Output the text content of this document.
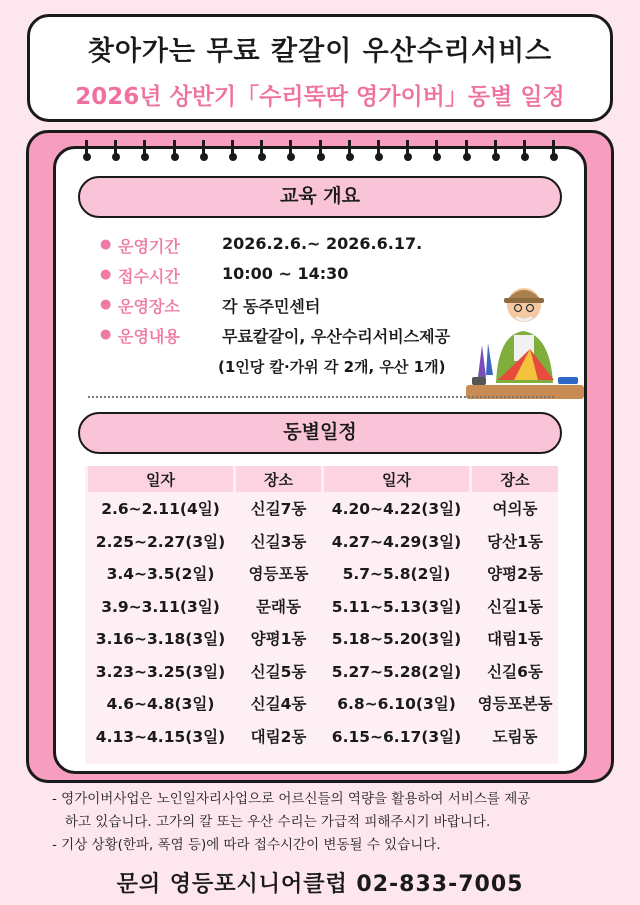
찾아가는 무료 칼갈이 우산수리서비스
2026년 상반기「수리뚝딱 영가이버」동별 일정
교육 개요
● 운영기간	2026.2.6.~ 2026.6.17.
● 접수시간	10:00 ~ 14:30
● 운영장소	각 동주민센터
● 운영내용	무료칼갈이, 우산수리서비스제공
(1인당 칼·가위 각 2개, 우산 1개)
동별일정
일자	장소	일자	장소
2.6~2.11(4일)	신길7동	4.20~4.22(3일)	여의동
2.25~2.27(3일)	신길3동	4.27~4.29(3일)	당산1동
3.4~3.5(2일)	영등포동	5.7~5.8(2일)	양평2동
3.9~3.11(3일)	문래동	5.11~5.13(3일)	신길1동
3.16~3.18(3일)	양평1동	5.18~5.20(3일)	대림1동
3.23~3.25(3일)	신길5동	5.27~5.28(2일)	신길6동
4.6~4.8(3일)	신길4동	6.8~6.10(3일)	영등포본동
4.13~4.15(3일)	대림2동	6.15~6.17(3일)	도림동
- 영가이버사업은 노인일자리사업으로 어르신들의 역량을 활용하여 서비스를 제공
하고 있습니다. 고가의 칼 또는 우산 수리는 가급적 피해주시기 바랍니다.
- 기상 상황(한파, 폭염 등)에 따라 접수시간이 변동될 수 있습니다.
문의 영등포시니어클럽 02-833-7005
